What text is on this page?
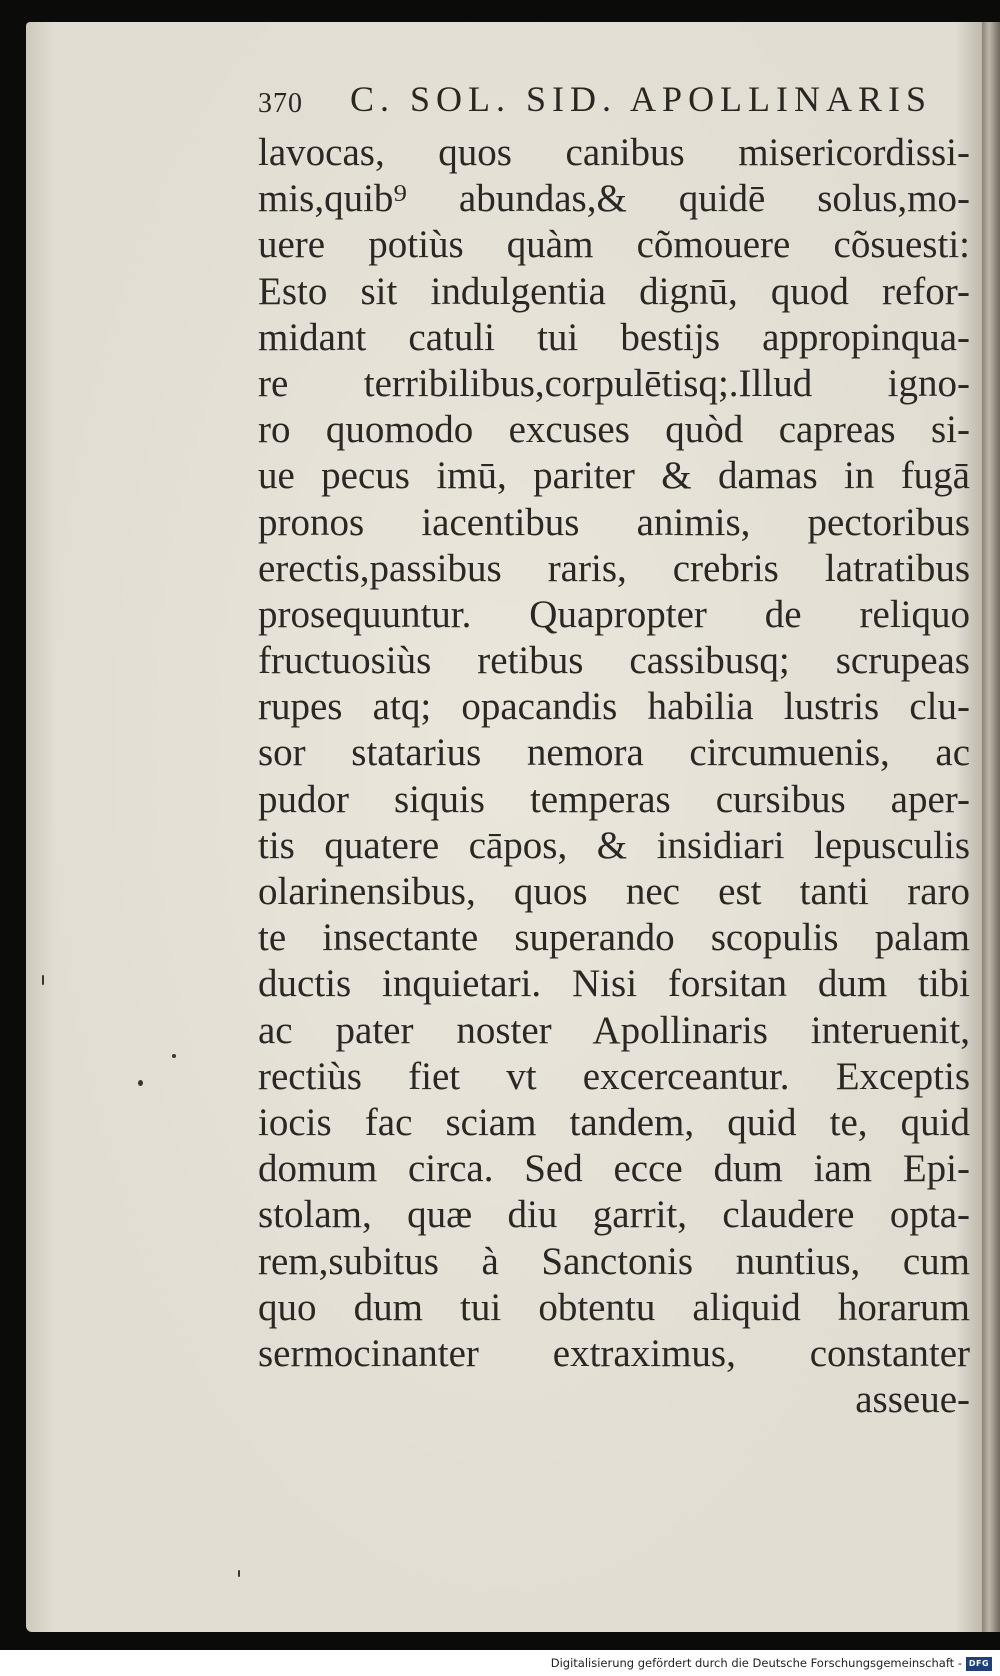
370 C. SOL. SID. APOLLINARIS
lavocas, quos canibus misericordissi-
mis,quib⁹ abundas,& quidē solus,mo-
uere potiùs quàm cõmouere cõsuesti:
Esto sit indulgentia dignū, quod refor-
midant catuli tui bestijs appropinqua-
re terribilibus,corpulētisq;.Illud igno-
ro quomodo excuses quòd capreas si-
ue pecus imū, pariter & damas in fugā
pronos iacentibus animis, pectoribus
erectis,passibus raris, crebris latratibus
prosequuntur. Quapropter de reliquo
fructuosiùs retibus cassibusq; scrupeas
rupes atq; opacandis habilia lustris clu-
sor statarius nemora circumuenis, ac
pudor siquis temperas cursibus aper-
tis quatere cāpos, & insidiari lepusculis
olarinensibus, quos nec est tanti raro
te insectante superando scopulis palam
ductis inquietari. Nisi forsitan dum tibi
ac pater noster Apollinaris interuenit,
rectiùs fiet vt excerceantur. Exceptis
iocis fac sciam tandem, quid te, quid
domum circa. Sed ecce dum iam Epi-
stolam, quæ diu garrit, claudere opta-
rem,subitus à Sanctonis nuntius, cum
quo dum tui obtentu aliquid horarum
sermocinanter extraximus, constanter
asseue-
Digitalisierung gefördert durch die Deutsche Forschungsgemeinschaft - DFG
